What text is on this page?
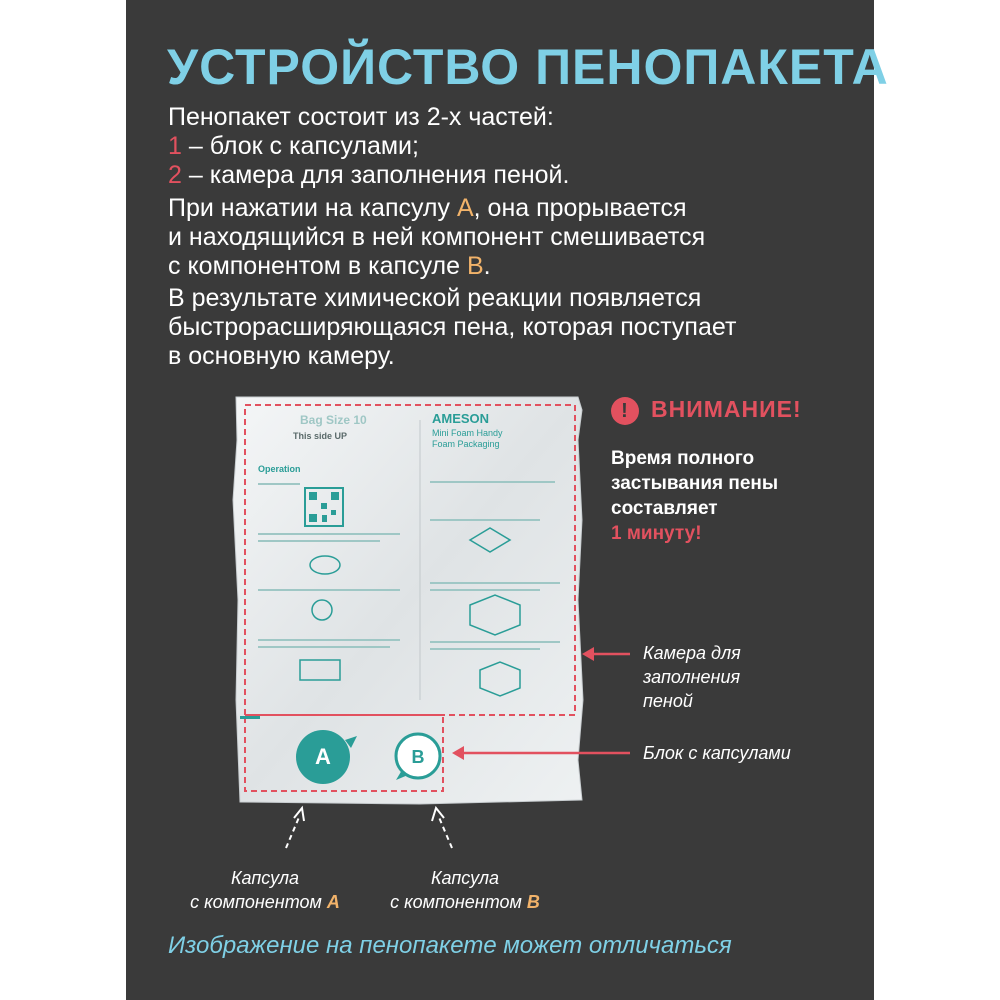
УСТРОЙСТВО ПЕНОПАКЕТА
Пенопакет состоит из 2-х частей:
1 – блок с капсулами;
2 – камера для заполнения пеной.
При нажатии на капсулу A, она прорывается
и находящийся в ней компонент смешивается
с компонентом в капсуле B.
В результате химической реакции появляется
быстрорасширяющаяся пена, которая поступает
в основную камеру.
! ВНИМАНИЕ!
Время полного
застывания пены
составляет
1 минуту!
Bag Size 10
This side UP
AMESON
Mini Foam Handy
Foam Packaging
Operation
A	B
Камера для
заполнения
пеной
Блок с капсулами
Капсула
с компонентом A
Капсула
с компонентом B
Изображение на пенопакете может отличаться
